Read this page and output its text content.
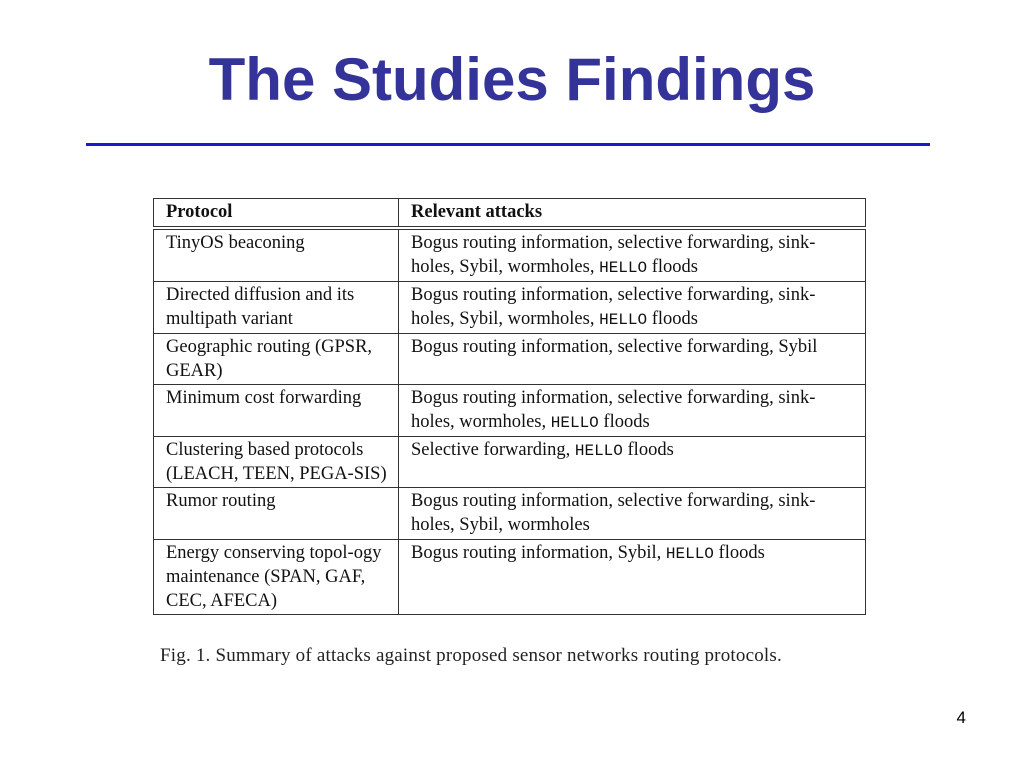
The Studies Findings
Protocol	Relevant attacks
TinyOS beaconing	Bogus routing information, selective forwarding, sink-holes, Sybil, wormholes, HELLO floods
Directed diffusion and its multipath variant	Bogus routing information, selective forwarding, sink-holes, Sybil, wormholes, HELLO floods
Geographic routing (GPSR, GEAR)	Bogus routing information, selective forwarding, Sybil
Minimum cost forwarding	Bogus routing information, selective forwarding, sink-holes, wormholes, HELLO floods
Clustering based protocols (LEACH, TEEN, PEGA-SIS)	Selective forwarding, HELLO floods
Rumor routing	Bogus routing information, selective forwarding, sink-holes, Sybil, wormholes
Energy conserving topol-ogy maintenance (SPAN, GAF, CEC, AFECA)	Bogus routing information, Sybil, HELLO floods
Fig. 1. Summary of attacks against proposed sensor networks routing protocols.
4
